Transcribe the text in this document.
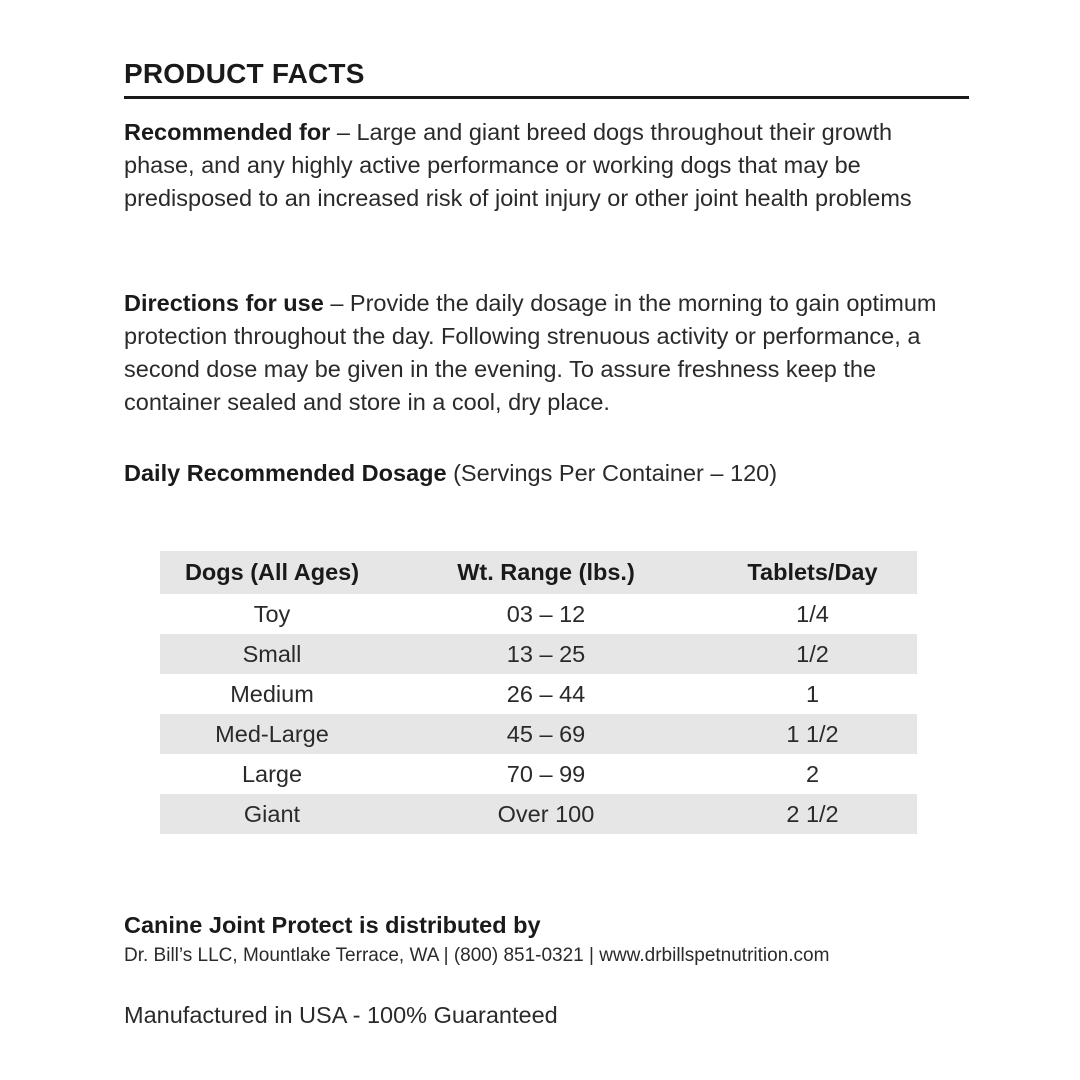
PRODUCT FACTS
Recommended for – Large and giant breed dogs throughout their growth phase, and any highly active performance or working dogs that may be predisposed to an increased risk of joint injury or other joint health problems
Directions for use – Provide the daily dosage in the morning to gain optimum protection throughout the day. Following strenuous activity or performance, a second dose may be given in the evening. To assure freshness keep the container sealed and store in a cool, dry place.
Daily Recommended Dosage (Servings Per Container – 120)
Dogs (All Ages)	Wt. Range (lbs.)	Tablets/Day
Toy	03 – 12	1/4
Small	13 – 25	1/2
Medium	26 – 44	1
Med-Large	45 – 69	1 1/2
Large	70 – 99	2
Giant	Over 100	2 1/2
Canine Joint Protect is distributed by
Dr. Bill’s LLC, Mountlake Terrace, WA | (800) 851-0321 | www.drbillspetnutrition.com
Manufactured in USA - 100% Guaranteed
